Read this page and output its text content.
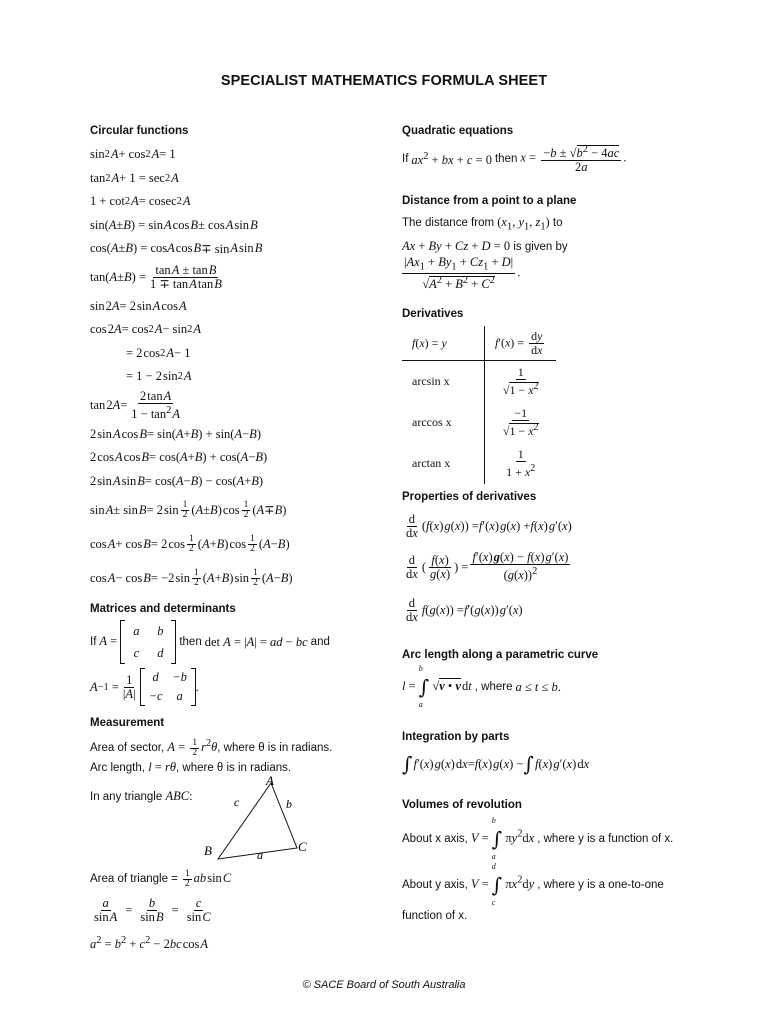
SPECIALIST MATHEMATICS FORMULA SHEET
Circular functions
sin 2
  A + cos 2
  A = 1
tan 2
  A + 1 = sec 2
  A
1 + cot 2
  A = cosec 2
  A
sin( A ± B ) = sin  A  cos  B ± cos  A  sin  B
cos( A ± B ) = cos A  cos  B ∓ sin  A  sin  B
tan( A ± B ) = $\frac{\text{tan A ± tan B}}{\text{1 ∓ tan A tan B}}$
sin 2 A = 2 sin  A  cos  A
cos 2 A = cos 2
  A − sin 2
  A
= 2 cos 2
  A − 1
= 1 − 2 sin 2
  A
tan 2 $A = \frac{\text{2 tan A}}{1 - \tan^2 A}$
2 sin  A  cos  B = sin( A + B ) + sin( A − B )
2 cos  A  cos  B = cos( A + B ) + cos( A − B )
2 sin  A  sin  B = cos( A − B ) − cos( A + B )
sin  A ± sin  B = 2 $\sin \frac{1}{2}$ ( A ± B ) $\cos \frac{1}{2}$ ( A ∓ B )
cos  A + cos  B = 2 $\cos \frac{1}{2}$ ( A + B ) $\cos \frac{1}{2}$ ( A − B )
cos  A − cos  B = −2 $\sin \frac{1}{2}$ ( A + B ) $\sin \frac{1}{2}$ ( A − B )
Matrices and determinants
If A =
a	b
c	d
then det A = |A| = ad − bc and
$A -1 = \frac{1}{|A|}$	d	−b
−c	a
.
Measurement
Area of sector, $A = \frac{1}{2} r^2\theta$, where θ is in radians.
Arc length, l = rθ, where θ is in radians.
In any triangle ABC:
A
B	C
c	b
a
Area of triangle = $\frac{1}{2}$ ab sin C
$\frac{a}{\text{sin A}} = \frac{b}{\text{sin B}} = \frac{c}{\text{sin C}}$
$a^2 = b^2 + c^2 - 2bc$ cos A
Quadratic equations
If $ax^2$ + bx + c = 0 then $x = \frac{-b \pm √b^2 - 4ac}{2a}$ .
Distance from a point to a plane
The distance from ($x_1$, $y_1$, $z_1$) to
Ax + By + Cz + D = 0 is given by
$\frac{|Ax_1 + By_1 + Cz_1 + D|}{√A^2 + B^2 + C^2}$ .
Derivatives
f(x) = y	$f'(x) = \frac{dy}{dx}$

arcsin x	$\frac{1}{√1 - x^2}$

arccos x	$\frac{-1}{√1 - x^2}$

arctan x	$\frac{1}{1 + x^2}$
Properties of derivatives
$\frac{d}{dx}$ ( f ( x )  g ( x )) = f ′( x )  g ( x ) + f ( x )  g ′( x )
$\frac{d}{dx}$ ( $\frac{f(x)}{g(x)}$ ) = $\frac{f'(x) g(x) - f(x) g'(x)}{(g(x))^2}$
$\frac{d}{dx}$ f ( g ( x )) = f ′( g ( x ))  g ′( x )
Arc length along a parametric curve
l =
b
∫
a
√v • v dt , where a ≤ t ≤ b.
Integration by parts
∫
  f ′( x )  g ( x ) d x = f ( x )  g ( x ) − ∫
  f ( x )  g ′( x ) d x
Volumes of revolution
About x axis, V =
b
∫
a
$\pi y^2dx$ , where y is a function of x.
About y axis, V =
d
∫
c
$\pi x^2dy$ , where y is a one-to-one
function of x.
© SACE Board of South Australia
